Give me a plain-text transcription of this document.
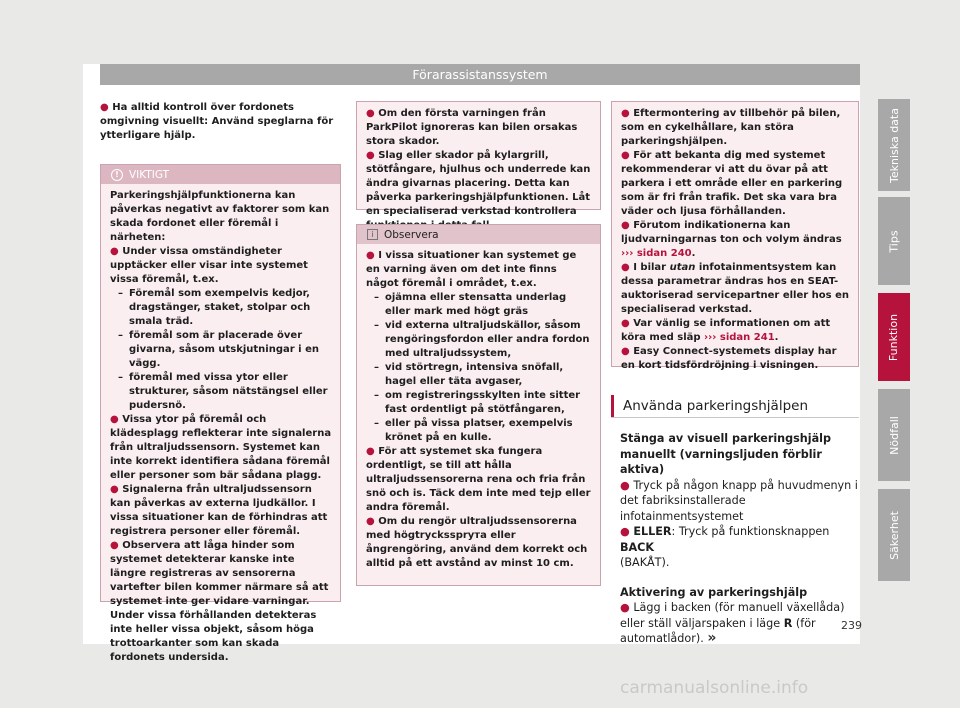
Förarassistanssystem
● Ha alltid kontroll över fordonets omgivning visuellt: Använd speglarna för ytterligare hjälp.
! VIKTIGT

Parkeringshjälpfunktionerna kan påverkas negativt av faktorer som kan skada fordonet eller föremål i närheten:

● Under vissa omständigheter upptäcker eller visar inte systemet vissa föremål, t.ex.
– Föremål som exempelvis kedjor, dragstänger, staket, stolpar och smala träd.
– föremål som är placerade över givarna, såsom utskjutningar i en vägg.
– föremål med vissa ytor eller strukturer, såsom nätstängsel eller pudersnö.
● Vissa ytor på föremål och klädesplagg reflekterar inte signalerna från ultraljudssensorn. Systemet kan inte korrekt identifiera sådana föremål eller personer som bär sådana plagg.
● Signalerna från ultraljudssensorn kan påverkas av externa ljudkällor. I vissa situationer kan de förhindras att registrera personer eller föremål.
● Observera att låga hinder som systemet detekterar kanske inte längre registreras av sensorerna vartefter bilen kommer närmare så att systemet inte ger vidare varningar. Under vissa förhållanden detekteras inte heller vissa objekt, såsom höga trottoarkanter som kan skada fordonets undersida.
● Om den första varningen från ParkPilot ignoreras kan bilen orsakas stora skador.
● Slag eller skador på kylargrill, stötfångare, hjulhus och underrede kan ändra givarnas placering. Detta kan påverka parkeringshjälpfunktionen. Låt en specialiserad verkstad kontrollera
i Observera
● I vissa situationer kan systemet ge en varning även om det inte finns något föremål i området, t.ex.
– ojämna eller stensatta underlag eller mark med högt gräs
– vid externa ultraljudskällor, såsom rengöringsfordon eller andra fordon med ultraljudssystem,
– vid störtregn, intensiva snöfall, hagel eller täta avgaser,
– om registreringsskylten inte sitter fast ordentligt på stötfångaren,
– eller på vissa platser, exempelvis krönet på en kulle.
● För att systemet ska fungera ordentligt, se till att hålla ultraljudssensorerna rena och fria från snö och is. Täck dem inte med tejp eller andra föremål.
● Om du rengör ultraljudssensorerna med högtryckssprута eller ångrengöring, använd dem korrekt och alltid på ett avstånd av minst 10 cm.
● Eftermontering av tillbehör på bilen, som en cykelhållare, kan störa parkeringshjälpen.
● För att bekanta dig med systemet rekommenderar vi att du övar på att parkera i ett område eller en parkering som är fri från trafik. Det ska vara bra väder och ljusa förhållanden.
● Förutom indikationerna kan ljudvarningarnas ton och volym ändras ››› sidan 240.
● I bilar utan infotainmentsystem kan dessa parametrar ändras hos en SEAT-auktoriserad servicepartner eller hos en specialiserad verkstad.
● Var vänlig se informationen om att köra med släp ››› sidan 241.
● Easy Connect-systemets display har en kort tidsfördröjning i visningen.
Använda parkeringshjälpen

Stänga av visuell parkeringshjälp manuellt (varningsljuden förblir aktiva)

● Tryck på någon knapp på huvudmenyn i det fabriksinstallerade infotainmentsystemet

● ELLER: Tryck på funktionsknappen BACK
(BAKÅT).

Aktivering av parkeringshjälp

● Lägg i backen (för manuell växellåda) eller ställ väljarspaken i läge R (för automatlådor). »

Tekniska data
Tips
Funktion
Nödfall
Säkerhet
239
carmanualsonline.info
